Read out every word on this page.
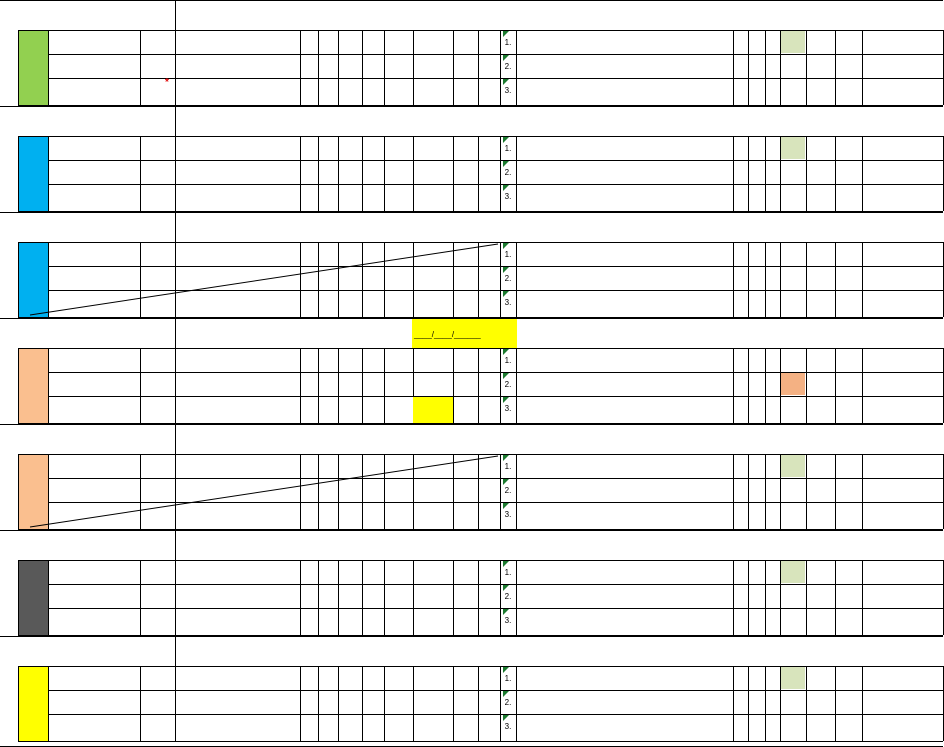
1.
2.
3.
*
1.
2.
3.
1.
2.
3.
____/____/______
1.
2.
3.
1.
2.
3.
1.
2.
3.
1.
2.
3.
